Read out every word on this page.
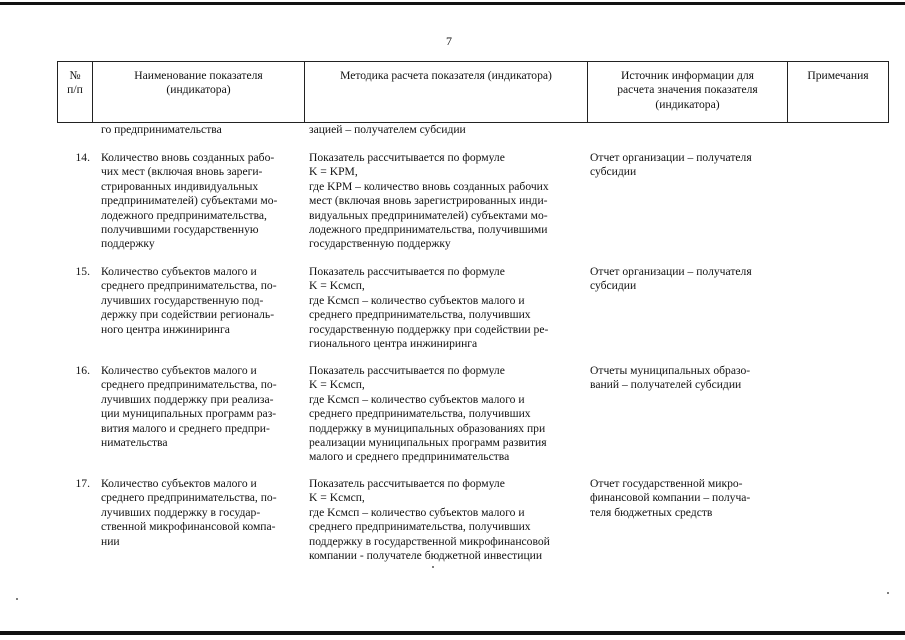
7
№
п/п
Наименование показателя
(индикатора)
Методика расчета показателя (индикатора)	Источник информации для
расчета значения показателя
(индикатора)
Примечания
го предпринимательства	зацией – получателем субсидии
14. Количество вновь созданных рабо-
чих мест (включая вновь зареги-
стрированных индивидуальных
предпринимателей) субъектами мо-
лодежного предпринимательства,
получившими государственную
поддержку
Показатель рассчитывается по формуле
K = KPM,
где KPM – количество вновь созданных рабочих
мест (включая вновь зарегистрированных инди-
видуальных предпринимателей) субъектами мо-
лодежного предпринимательства, получившими
государственную поддержку
Отчет организации – получателя
субсидии
15. Количество субъектов малого и
среднего предпринимательства, по-
лучивших государственную под-
держку при содействии региональ-
ного центра инжиниринга
Показатель рассчитывается по формуле
K = Kсмсп,
где Kсмсп – количество субъектов малого и
среднего предпринимательства, получивших
государственную поддержку при содействии ре-
гионального центра инжиниринга
Отчет организации – получателя
субсидии
16. Количество субъектов малого и
среднего предпринимательства, по-
лучивших поддержку при реализа-
ции муниципальных программ раз-
вития малого и среднего предпри-
нимательства
Показатель рассчитывается по формуле
K = Kсмсп,
где Kсмсп – количество субъектов малого и
среднего предпринимательства, получивших
поддержку в муниципальных образованиях при
реализации муниципальных программ развития
малого и среднего предпринимательства
Отчеты муниципальных образо-
ваний – получателей субсидии
17. Количество субъектов малого и
среднего предпринимательства, по-
лучивших поддержку в государ-
ственной микрофинансовой компа-
нии
Показатель рассчитывается по формуле
K = Kсмсп,
где Kсмсп – количество субъектов малого и
среднего предпринимательства, получивших
поддержку в государственной микрофинансовой
компании - получателе бюджетной инвестиции
Отчет государственной микро-
финансовой компании – получа-
теля бюджетных средств
